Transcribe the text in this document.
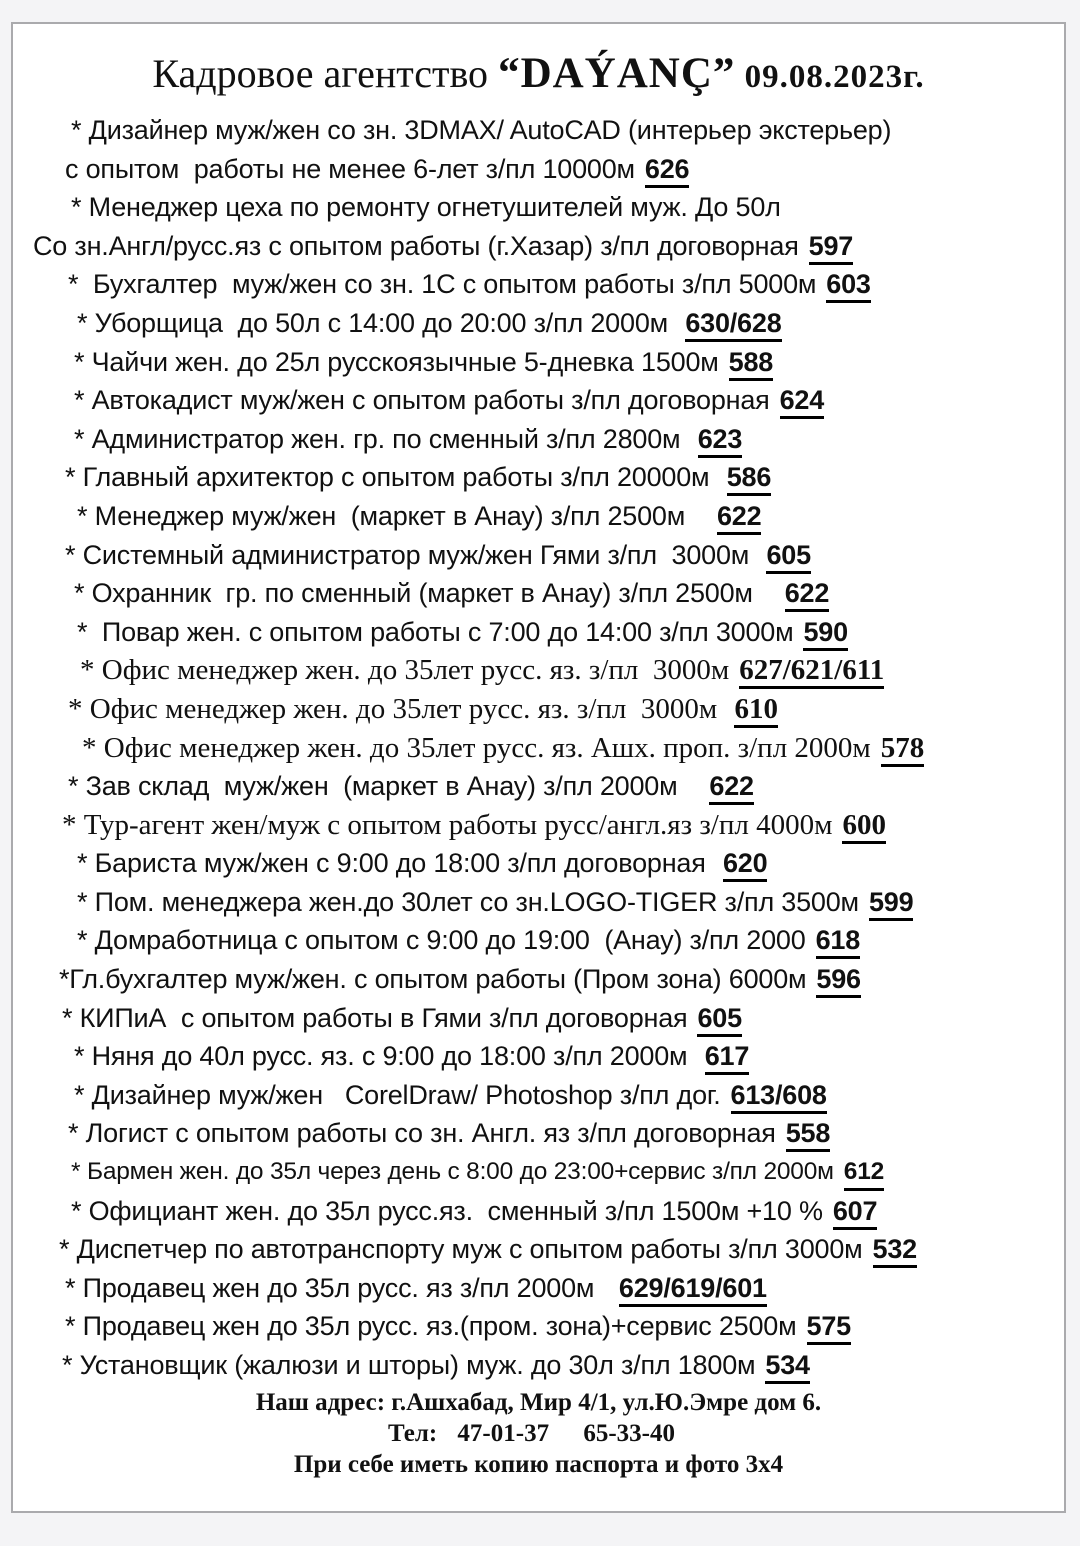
Кадровое агентство “DAÝANÇ” 09.08.2023г.
* Дизайнер муж/жен со зн. 3DMAX/ AutoCAD (интерьер экстерьер)
с опытом  работы не менее 6-лет з/пл 10000м 626
* Менеджер цеха по ремонту огнетушителей муж. До 50л
Со зн.Англ/русс.яз с опытом работы (г.Хазар) з/пл договорная 597
*  Бухгалтер  муж/жен со зн. 1С с опытом работы з/пл 5000м 603
* Уборщица  до 50л с 14:00 до 20:00 з/пл 2000м 630/628
* Чайчи жен. до 25л русскоязычные 5-дневка 1500м 588
* Автокадист муж/жен с опытом работы з/пл договорная 624
* Администратор жен. гр. по сменный з/пл 2800м 623
* Главный архитектор с опытом работы з/пл 20000м 586
* Менеджер муж/жен  (маркет в Анау) з/пл 2500м   622
* Системный администратор муж/жен Гями з/пл  3000м 605
* Охранник  гр. по сменный (маркет в Анау) з/пл 2500м   622
*  Повар жен. с опытом работы с 7:00 до 14:00 з/пл 3000м 590
* Офис менеджер жен. до 35лет русс. яз. з/пл  3000м 627/621/611
* Офис менеджер жен. до 35лет русс. яз. з/пл  3000м 610
* Офис менеджер жен. до 35лет русс. яз. Ашх. проп. з/пл 2000м 578
* Зав склад  муж/жен  (маркет в Анау) з/пл 2000м   622
* Тур-агент жен/муж с опытом работы русс/англ.яз з/пл 4000м 600
* Бариста муж/жен с 9:00 до 18:00 з/пл договорная 620
* Пом. менеджера жен.до 30лет со зн.LOGO-TIGER з/пл 3500м 599
* Домработница с опытом с 9:00 до 19:00  (Анау) з/пл 2000 618
*Гл.бухгалтер муж/жен. с опытом работы (Пром зона) 6000м 596
* КИПиА  с опытом работы в Гями з/пл договорная 605
* Няня до 40л русс. яз. с 9:00 до 18:00 з/пл 2000м 617
* Дизайнер муж/жен   CorelDraw/ Photoshop з/пл дог. 613/608
* Логист с опытом работы со зн. Англ. яз з/пл договорная 558
* Бармен жен. до 35л через день с 8:00 до 23:00+сервис з/пл 2000м 612
* Официант жен. до 35л русс.яз.  сменный з/пл 1500м +10 % 607
* Диспетчер по автотранспорту муж с опытом работы з/пл 3000м 532
* Продавец жен до 35л русс. яз з/пл 2000м  629/619/601
* Продавец жен до 35л русс. яз.(пром. зона)+сервис 2500м 575
* Установщик (жалюзи и шторы) муж. до 30л з/пл 1800м 534
Наш адрес: г.Ашхабад, Мир 4/1, ул.Ю.Эмре дом 6.
Тел: 47-01-37 65-33-40
При себе иметь копию паспорта и фото 3х4
